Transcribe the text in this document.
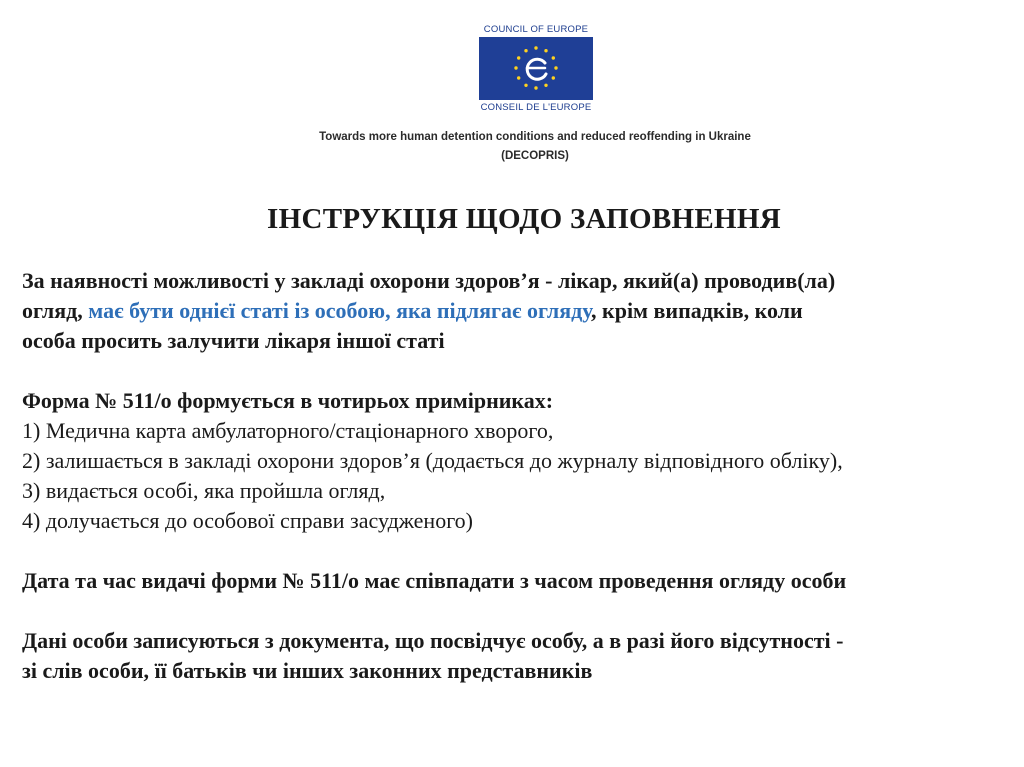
COUNCIL OF EUROPE
CONSEIL DE L'EUROPE
Towards more human detention conditions and reduced reoffending in Ukraine
(DECOPRIS)
ІНСТРУКЦІЯ ЩОДО ЗАПОВНЕННЯ

За наявності можливості у закладі охорони здоров’я - лікар, який(а) проводив(ла)

огляд, має бути однієї статі із особою, яка підлягає огляду, крім випадків, коли

особа просить залучити лікаря іншої статі

Форма № 511/о формується в чотирьох примірниках:

1) Медична карта амбулаторного/стаціонарного хворого,

2) залишається в закладі охорони здоров’я (додається до журналу відповідного обліку),

3) видається особі, яка пройшла огляд,

4) долучається до особової справи засудженого)

Дата та час видачі форми № 511/о має співпадати з часом проведення огляду особи

Дані особи записуються з документа, що посвідчує особу, а в разі його відсутності -

зі слів особи, її батьків чи інших законних представників
